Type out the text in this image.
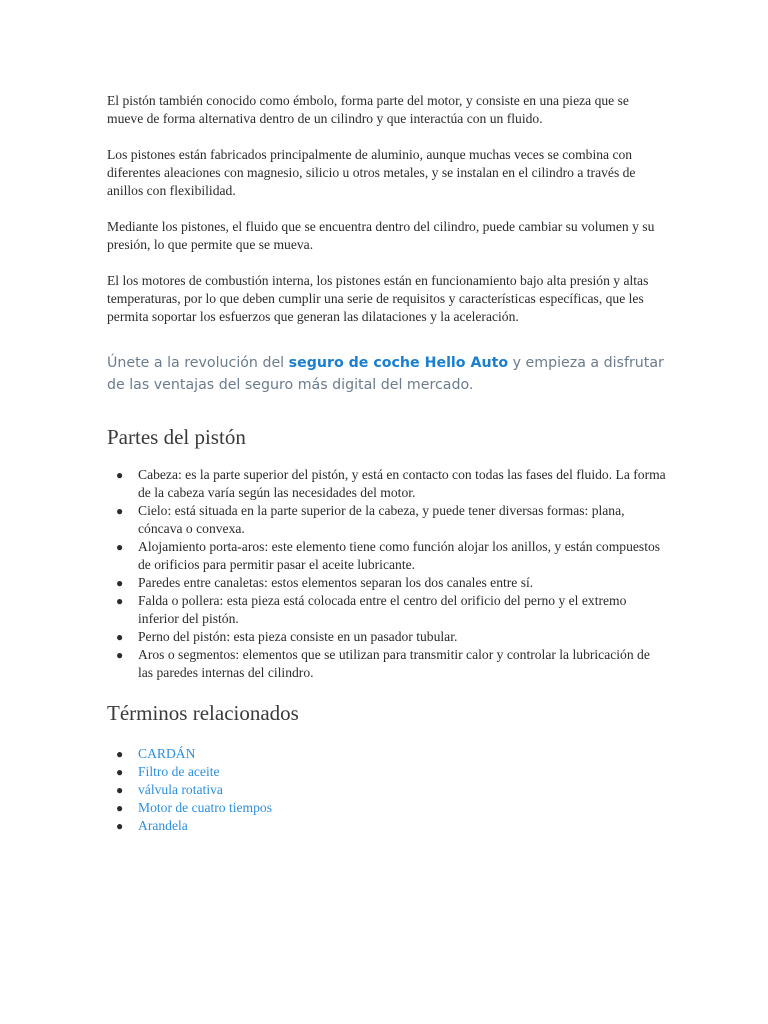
El pistón también conocido como émbolo, forma parte del motor, y consiste en una pieza que se mueve de forma alternativa dentro de un cilindro y que interactúa con un fluido.

Los pistones están fabricados principalmente de aluminio, aunque muchas veces se combina con diferentes aleaciones con magnesio, silicio u otros metales, y se instalan en el cilindro a través de anillos con flexibilidad.

Mediante los pistones, el fluido que se encuentra dentro del cilindro, puede cambiar su volumen y su presión, lo que permite que se mueva.

El los motores de combustión interna, los pistones están en funcionamiento bajo alta presión y altas temperaturas, por lo que deben cumplir una serie de requisitos y características específicas, que les permita soportar los esfuerzos que generan las dilataciones y la aceleración.

Únete a la revolución del seguro de coche Hello Auto y empieza a disfrutar de las ventajas del seguro más digital del mercado.
Partes del pistón
● Cabeza: es la parte superior del pistón, y está en contacto con todas las fases del fluido. La forma de la cabeza varía según las necesidades del motor.
● Cielo: está situada en la parte superior de la cabeza, y puede tener diversas formas: plana, cóncava o convexa.
● Alojamiento porta-aros: este elemento tiene como función alojar los anillos, y están compuestos de orificios para permitir pasar el aceite lubricante.
● Paredes entre canaletas: estos elementos separan los dos canales entre sí.
● Falda o pollera: esta pieza está colocada entre el centro del orificio del perno y el extremo inferior del pistón.
● Perno del pistón: esta pieza consiste en un pasador tubular.
● Aros o segmentos: elementos que se utilizan para transmitir calor y controlar la lubricación de las paredes internas del cilindro.
Términos relacionados
● CARDÁN
● Filtro de aceite
● válvula rotativa
● Motor de cuatro tiempos
● Arandela
